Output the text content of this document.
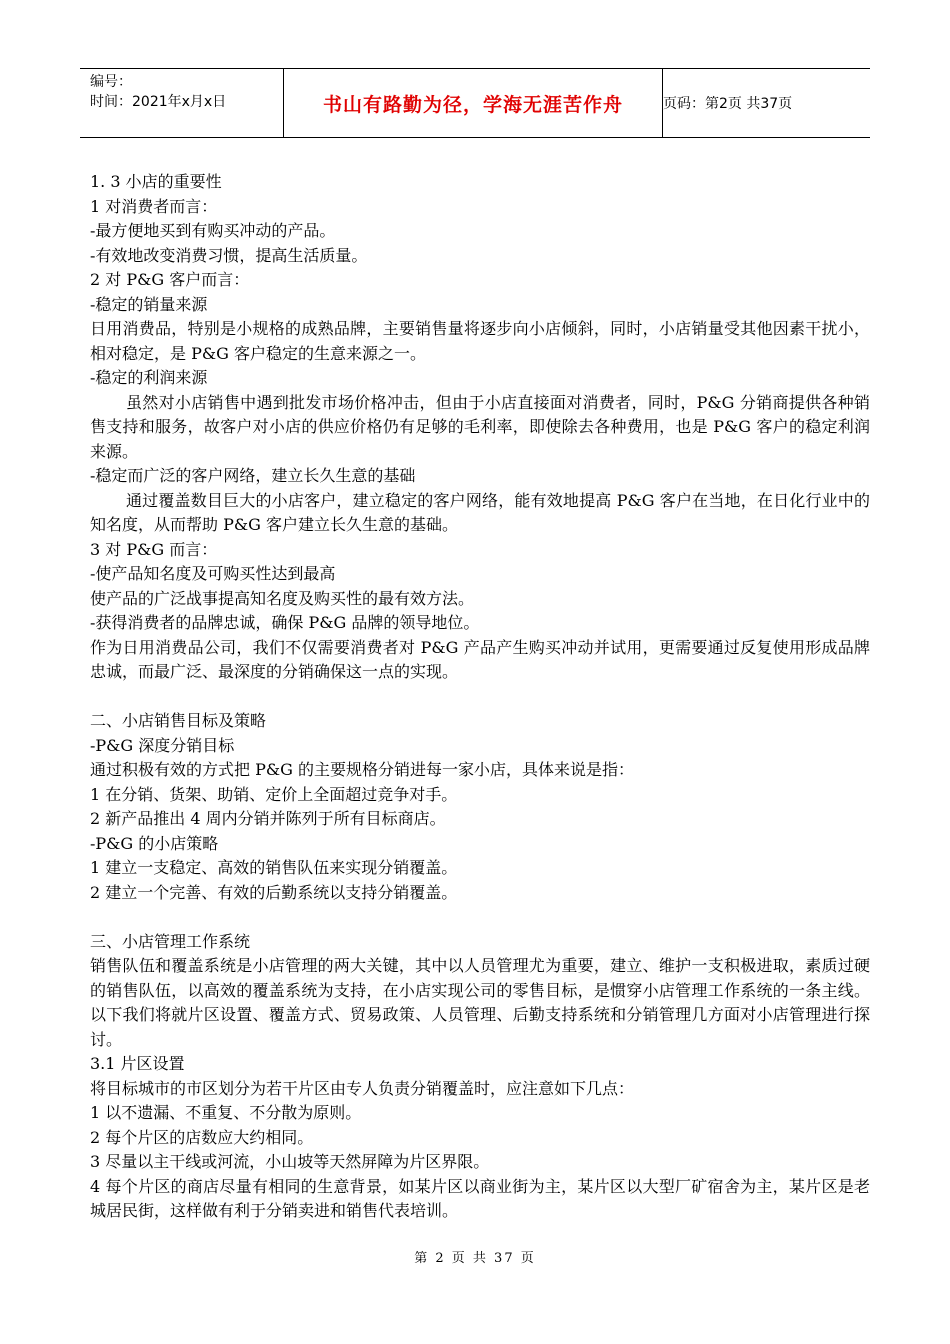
编号：
时间：2021年x月x日	书山有路勤为径，学海无涯苦作舟	页码：第2页 共37页

1. 3 小店的重要性

1 对消费者而言：

-最方便地买到有购买冲动的产品。

-有效地改变消费习惯，提高生活质量。

2 对 P&G 客户而言：

-稳定的销量来源

日用消费品，特别是小规格的成熟品牌，主要销售量将逐步向小店倾斜，同时，小店销量受其他因素干扰小，相对稳定，是 P&G 客户稳定的生意来源之一。

-稳定的利润来源

虽然对小店销售中遇到批发市场价格冲击，但由于小店直接面对消费者，同时，P&G 分销商提供各种销售支持和服务，故客户对小店的供应价格仍有足够的毛利率，即使除去各种费用，也是 P&G 客户的稳定利润来源。

-稳定而广泛的客户网络，建立长久生意的基础

通过覆盖数目巨大的小店客户，建立稳定的客户网络，能有效地提高 P&G 客户在当地，在日化行业中的知名度，从而帮助 P&G 客户建立长久生意的基础。

3 对 P&G 而言：

-使产品知名度及可购买性达到最高

使产品的广泛战事提高知名度及购买性的最有效方法。

-获得消费者的品牌忠诚，确保 P&G 品牌的领导地位。

作为日用消费品公司，我们不仅需要消费者对 P&G 产品产生购买冲动并试用，更需要通过反复使用形成品牌忠诚，而最广泛、最深度的分销确保这一点的实现。

二、小店销售目标及策略

-P&G 深度分销目标

通过积极有效的方式把 P&G 的主要规格分销进每一家小店，具体来说是指：

1 在分销、货架、助销、定价上全面超过竞争对手。

2 新产品推出 4 周内分销并陈列于所有目标商店。

-P&G 的小店策略

1 建立一支稳定、高效的销售队伍来实现分销覆盖。

2 建立一个完善、有效的后勤系统以支持分销覆盖。

三、小店管理工作系统

销售队伍和覆盖系统是小店管理的两大关键，其中以人员管理尤为重要，建立、维护一支积极进取，素质过硬的销售队伍，以高效的覆盖系统为支持，在小店实现公司的零售目标，是惯穿小店管理工作系统的一条主线。以下我们将就片区设置、覆盖方式、贸易政策、人员管理、后勤支持系统和分销管理几方面对小店管理进行探讨。

3.1 片区设置

将目标城市的市区划分为若干片区由专人负责分销覆盖时，应注意如下几点：

1 以不遗漏、不重复、不分散为原则。

2 每个片区的店数应大约相同。

3 尽量以主干线或河流，小山坡等天然屏障为片区界限。

4 每个片区的商店尽量有相同的生意背景，如某片区以商业街为主，某片区以大型厂矿宿舍为主，某片区是老城居民街，这样做有利于分销卖进和销售代表培训。

第 2 页 共 37 页
